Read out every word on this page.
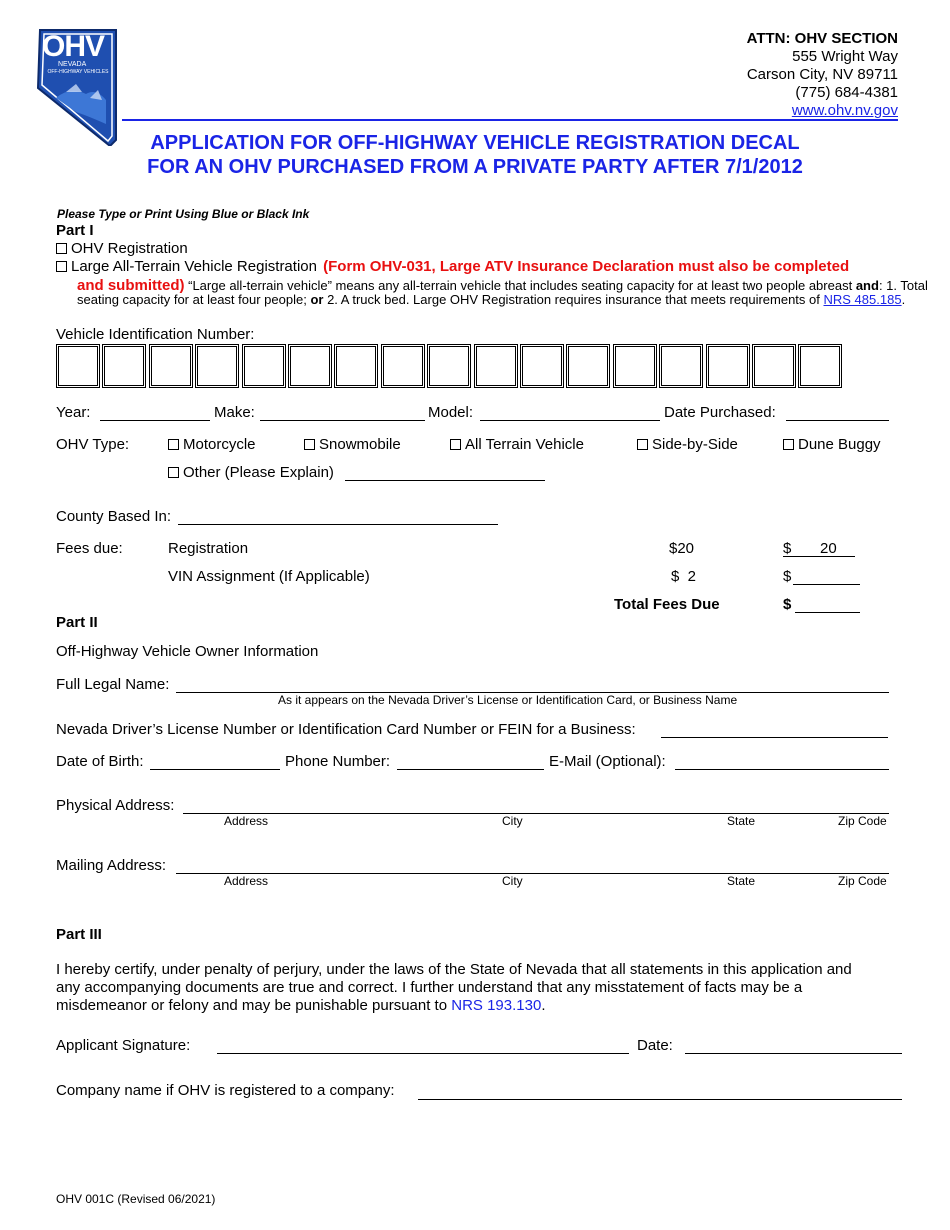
OHV
NEVADA
OFF-HIGHWAY VEHICLES
ATTN: OHV SECTION
555 Wright Way
Carson City, NV 89711
(775) 684-4381
www.ohv.nv.gov
APPLICATION FOR OFF-HIGHWAY VEHICLE REGISTRATION DECAL
FOR AN OHV PURCHASED FROM A PRIVATE PARTY AFTER 7/1/2012
Please Type or Print Using Blue or Black Ink
Part I
OHV Registration
Large All-Terrain Vehicle Registration (Form OHV-031, Large ATV Insurance Declaration must also be completed
and submitted) “Large all-terrain vehicle” means any all-terrain vehicle that includes seating capacity for at least two people abreast and: 1. Total
seating capacity for at least four people; or 2. A truck bed. Large OHV Registration requires insurance that meets requirements of NRS 485.185.
Vehicle Identification Number:
Year:	Make:	Model:	Date Purchased:
OHV Type:	Motorcycle	Snowmobile	All Terrain Vehicle	Side-by-Side	Dune Buggy
Other (Please Explain)
County Based In:
Fees due:	Registration	$20	$ 20
VIN Assignment (If Applicable)	$  2	$
Total Fees Due	$
Part II
Off-Highway Vehicle Owner Information
Full Legal Name:
As it appears on the Nevada Driver’s License or Identification Card, or Business Name
Nevada Driver’s License Number or Identification Card Number or FEIN for a Business:
Date of Birth:	Phone Number:	E-Mail (Optional):
Physical Address:
Address	City	State	Zip Code
Mailing Address:
Address	City	State	Zip Code
Part III
I hereby certify, under penalty of perjury, under the laws of the State of Nevada that all statements in this application and
any accompanying documents are true and correct. I further understand that any misstatement of facts may be a
misdemeanor or felony and may be punishable pursuant to NRS 193.130.
Applicant Signature:	Date:
Company name if OHV is registered to a company:
OHV 001C (Revised 06/2021)
